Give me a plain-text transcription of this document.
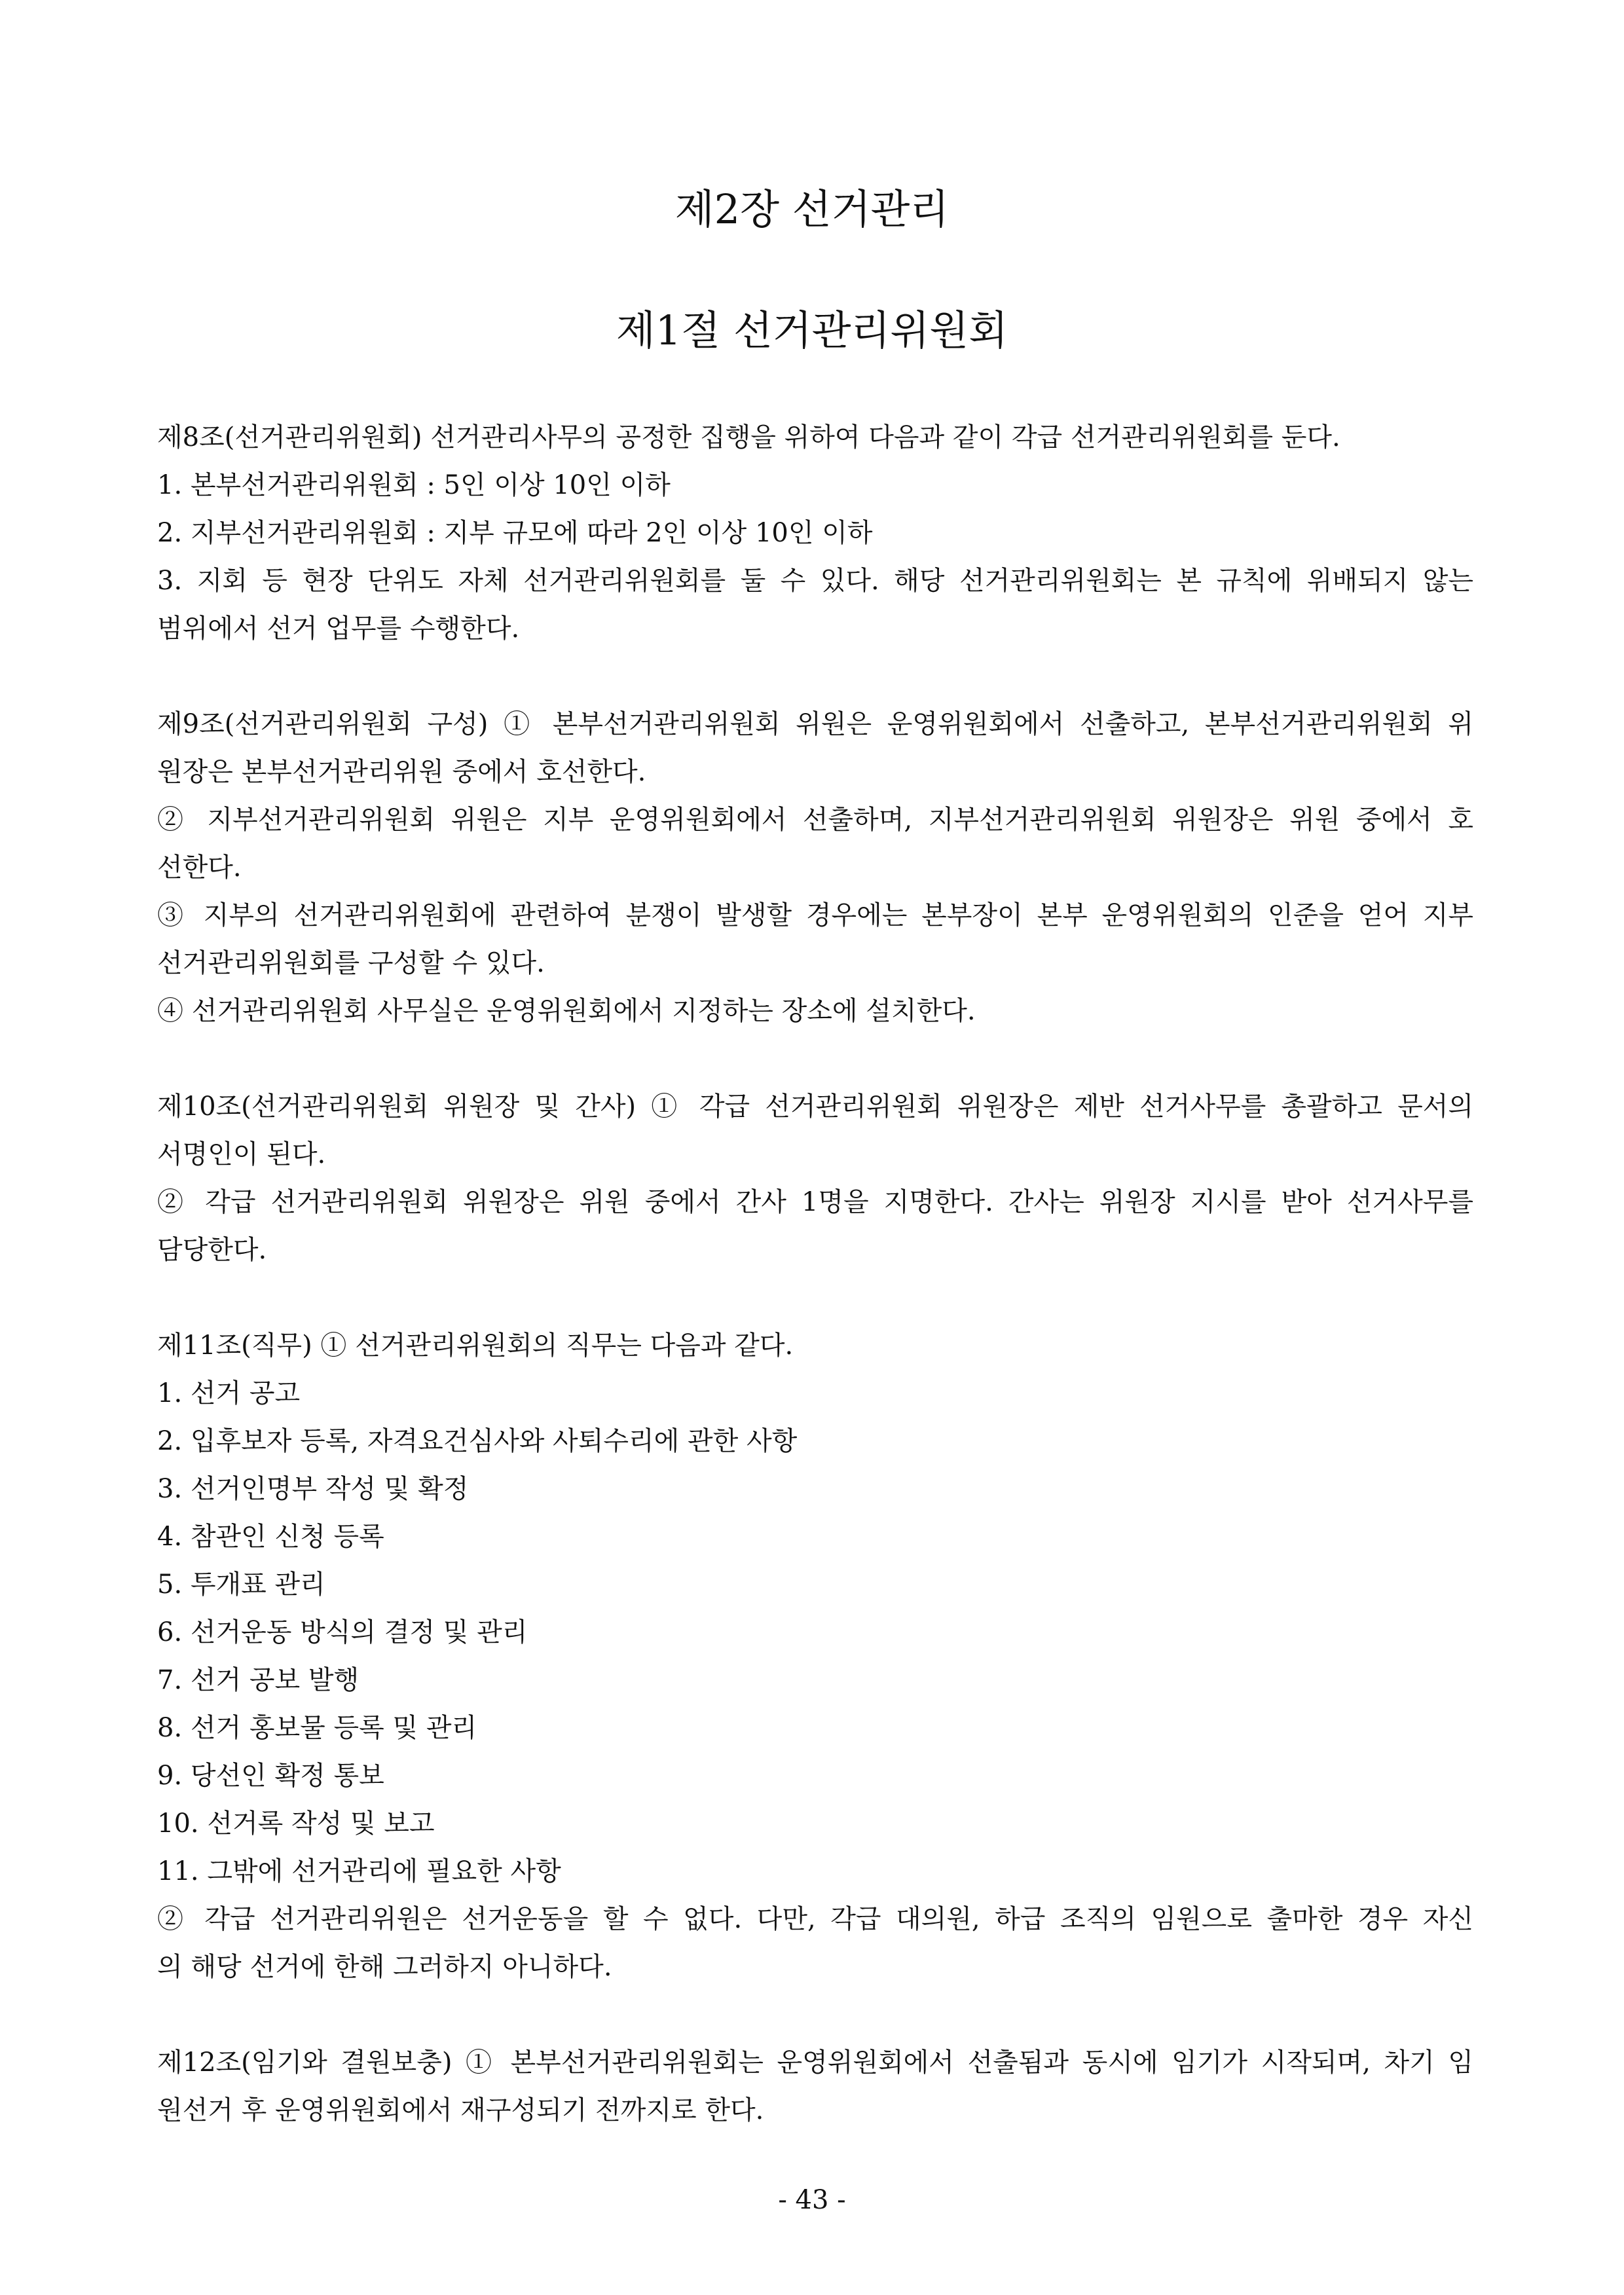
제2장 선거관리
제1절 선거관리위원회
제8조(선거관리위원회) 선거관리사무의 공정한 집행을 위하여 다음과 같이 각급 선거관리위원회를 둔다.
1. 본부선거관리위원회 : 5인 이상 10인 이하
2. 지부선거관리위원회 : 지부 규모에 따라 2인 이상 10인 이하
3. 지회 등 현장 단위도 자체 선거관리위원회를 둘 수 있다. 해당 선거관리위원회는 본 규칙에 위배되지 않는
범위에서 선거 업무를 수행한다.
제9조(선거관리위원회 구성) ① 본부선거관리위원회 위원은 운영위원회에서 선출하고, 본부선거관리위원회 위
원장은 본부선거관리위원 중에서 호선한다.
② 지부선거관리위원회 위원은 지부 운영위원회에서 선출하며, 지부선거관리위원회 위원장은 위원 중에서 호
선한다.
③ 지부의 선거관리위원회에 관련하여 분쟁이 발생할 경우에는 본부장이 본부 운영위원회의 인준을 얻어 지부
선거관리위원회를 구성할 수 있다.
④ 선거관리위원회 사무실은 운영위원회에서 지정하는 장소에 설치한다.
제10조(선거관리위원회 위원장 및 간사) ① 각급 선거관리위원회 위원장은 제반 선거사무를 총괄하고 문서의
서명인이 된다.
② 각급 선거관리위원회 위원장은 위원 중에서 간사 1명을 지명한다. 간사는 위원장 지시를 받아 선거사무를
담당한다.
제11조(직무) ① 선거관리위원회의 직무는 다음과 같다.
1. 선거 공고
2. 입후보자 등록, 자격요건심사와 사퇴수리에 관한 사항
3. 선거인명부 작성 및 확정
4. 참관인 신청 등록
5. 투개표 관리
6. 선거운동 방식의 결정 및 관리
7. 선거 공보 발행
8. 선거 홍보물 등록 및 관리
9. 당선인 확정 통보
10. 선거록 작성 및 보고
11. 그밖에 선거관리에 필요한 사항
② 각급 선거관리위원은 선거운동을 할 수 없다. 다만, 각급 대의원, 하급 조직의 임원으로 출마한 경우 자신
의 해당 선거에 한해 그러하지 아니하다.
제12조(임기와 결원보충) ① 본부선거관리위원회는 운영위원회에서 선출됨과 동시에 임기가 시작되며, 차기 임
원선거 후 운영위원회에서 재구성되기 전까지로 한다.
- 43 -
